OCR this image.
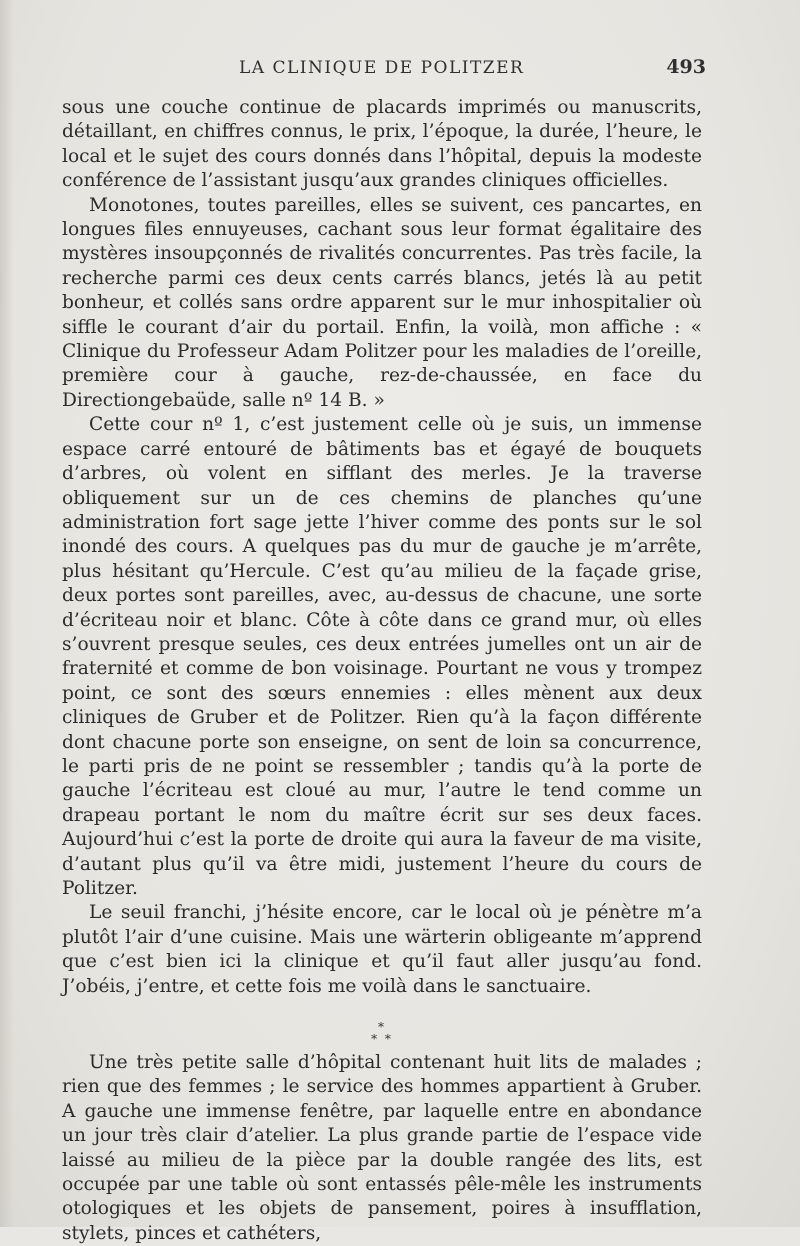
LA CLINIQUE DE POLITZER	493

sous une couche continue de placards imprimés ou manuscrits, détaillant, en chiffres connus, le prix, l’époque, la durée, l’heure, le local et le sujet des cours donnés dans l’hôpital, depuis la modeste conférence de l’assistant jusqu’aux grandes cliniques officielles.

Monotones, toutes pareilles, elles se suivent, ces pancartes, en longues files ennuyeuses, cachant sous leur format égalitaire des mystères insoupçonnés de rivalités concurrentes. Pas très facile, la recherche parmi ces deux cents carrés blancs, jetés là au petit bonheur, et collés sans ordre apparent sur le mur inhospitalier où siffle le courant d’air du portail. Enfin, la voilà, mon affiche : « Clinique du Professeur Adam Politzer pour les maladies de l’oreille, première cour à gauche, rez-de-chaussée, en face du Directiongebaüde, salle nº 14 B. »

Cette cour nº 1, c’est justement celle où je suis, un immense espace carré entouré de bâtiments bas et égayé de bouquets d’arbres, où volent en sifflant des merles. Je la traverse obliquement sur un de ces chemins de planches qu’une administration fort sage jette l’hiver comme des ponts sur le sol inondé des cours. A quelques pas du mur de gauche je m’arrête, plus hésitant qu’Hercule. C’est qu’au milieu de la façade grise, deux portes sont pareilles, avec, au-dessus de chacune, une sorte d’écriteau noir et blanc. Côte à côte dans ce grand mur, où elles s’ouvrent presque seules, ces deux entrées jumelles ont un air de fraternité et comme de bon voisinage. Pourtant ne vous y trompez point, ce sont des sœurs ennemies : elles mènent aux deux cliniques de Gruber et de Politzer. Rien qu’à la façon différente dont chacune porte son enseigne, on sent de loin sa concurrence, le parti pris de ne point se ressembler ; tandis qu’à la porte de gauche l’écriteau est cloué au mur, l’autre le tend comme un drapeau portant le nom du maître écrit sur ses deux faces. Aujourd’hui c’est la porte de droite qui aura la faveur de ma visite, d’autant plus qu’il va être midi, justement l’heure du cours de Politzer.

Le seuil franchi, j’hésite encore, car le local où je pénètre m’a plutôt l’air d’une cuisine. Mais une wärterin obligeante m’apprend que c’est bien ici la clinique et qu’il faut aller jusqu’au fond. J’obéis, j’entre, et cette fois me voilà dans le sanctuaire.

*
* *

Une très petite salle d’hôpital contenant huit lits de malades ; rien que des femmes ; le service des hommes appartient à Gruber. A gauche une immense fenêtre, par laquelle entre en abondance un jour très clair d’atelier. La plus grande partie de l’espace vide laissé au milieu de la pièce par la double rangée des lits, est occupée par une table où sont entassés pêle-mêle les instruments otologiques et les objets de pansement, poires à insufflation, stylets, pinces et cathéters,
